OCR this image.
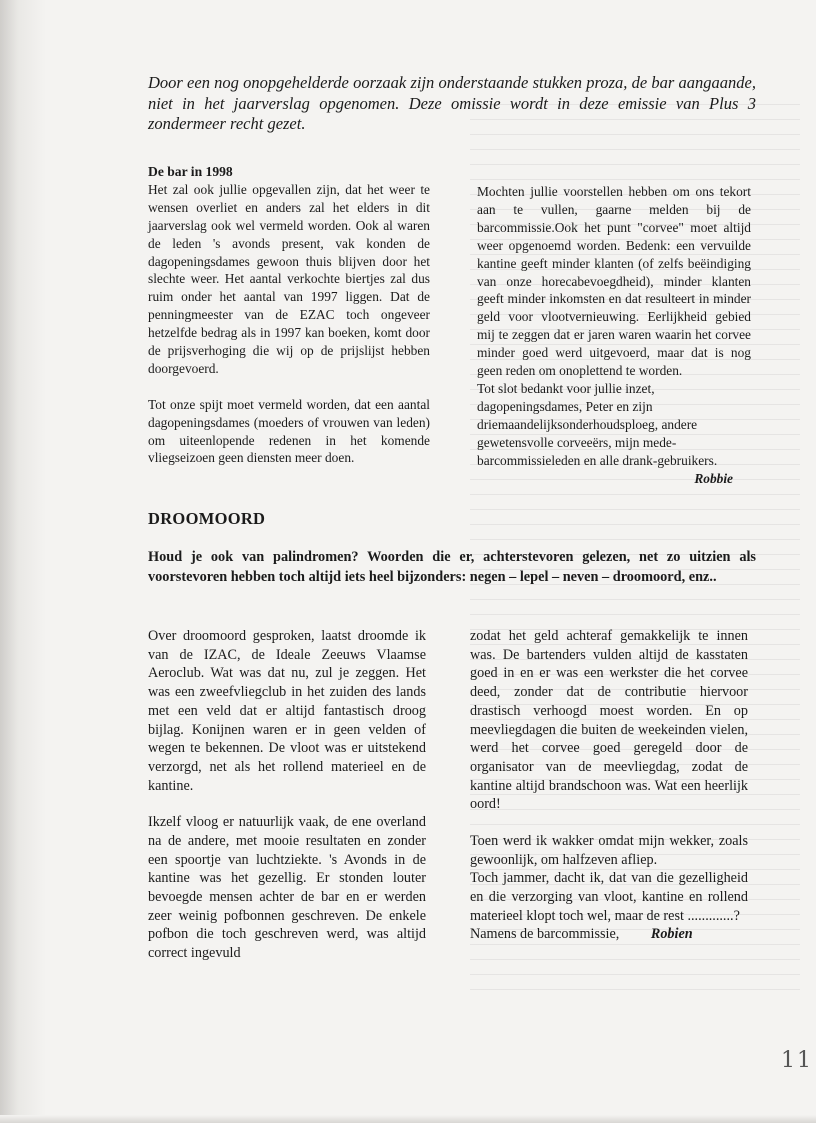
Door een nog onopgehelderde oorzaak zijn onderstaande stukken proza, de bar aangaande, niet in het jaarverslag opgenomen. Deze omissie wordt in deze emissie van Plus 3 zondermeer recht gezet.

De bar in 1998

Het zal ook jullie opgevallen zijn, dat het weer te wensen overliet en anders zal het elders in dit jaarverslag ook wel vermeld worden. Ook al waren de leden 's avonds present, vak konden de dagopeningsdames gewoon thuis blijven door het slechte weer. Het aantal verkochte biertjes zal dus ruim onder het aantal van 1997 liggen. Dat de penningmeester van de EZAC toch ongeveer hetzelfde bedrag als in 1997 kan boeken, komt door de prijsverhoging die wij op de prijslijst hebben doorgevoerd.

Tot onze spijt moet vermeld worden, dat een aantal dagopeningsdames (moeders of vrouwen van leden) om uiteenlopende redenen in het komende vliegseizoen geen diensten meer doen.

Mochten jullie voorstellen hebben om ons tekort aan te vullen, gaarne melden bij de barcommissie.Ook het punt "corvee" moet altijd weer opgenoemd worden. Bedenk: een vervuilde kantine geeft minder klanten (of zelfs beëindiging van onze horecabevoegdheid), minder klanten geeft minder inkomsten en dat resulteert in minder geld voor vlootvernieuwing. Eerlijkheid gebied mij te zeggen dat er jaren waren waarin het corvee minder goed werd uitgevoerd, maar dat is nog geen reden om onoplettend te worden.

Tot slot bedankt voor jullie inzet, dagopeningsdames, Peter en zijn driemaandelijksonderhoudsploeg, andere gewetensvolle corveeërs, mijn mede-barcommissieleden en alle drank-gebruikers.
Robbie

DROOMOORD

Houd je ook van palindromen? Woorden die er, achterstevoren gelezen, net zo uitzien als voorstevoren hebben toch altijd iets heel bijzonders: negen – lepel – neven – droomoord, enz..

Over droomoord gesproken, laatst droomde ik van de IZAC, de Ideale Zeeuws Vlaamse Aeroclub. Wat was dat nu, zul je zeggen. Het was een zweefvliegclub in het zuiden des lands met een veld dat er altijd fantastisch droog bijlag. Konijnen waren er in geen velden of wegen te bekennen. De vloot was er uitstekend verzorgd, net als het rollend materieel en de kantine.

Ikzelf vloog er natuurlijk vaak, de ene overland na de andere, met mooie resultaten en zonder een spoortje van luchtziekte. 's Avonds in de kantine was het gezellig. Er stonden louter bevoegde mensen achter de bar en er werden zeer weinig pofbonnen geschreven. De enkele pofbon die toch geschreven werd, was altijd correct ingevuld

zodat het geld achteraf gemakkelijk te innen was. De bartenders vulden altijd de kasstaten goed in en er was een werkster die het corvee deed, zonder dat de contributie hiervoor drastisch verhoogd moest worden. En op meevliegdagen die buiten de weekeinden vielen, werd het corvee goed geregeld door de organisator van de meevliegdag, zodat de kantine altijd brandschoon was. Wat een heerlijk oord!

Toen werd ik wakker omdat mijn wekker, zoals gewoonlijk, om halfzeven afliep.

Toch jammer, dacht ik, dat van die gezelligheid en die verzorging van vloot, kantine en rollend materieel klopt toch wel, maar de rest .............?

Namens de barcommissie, Robien

11
